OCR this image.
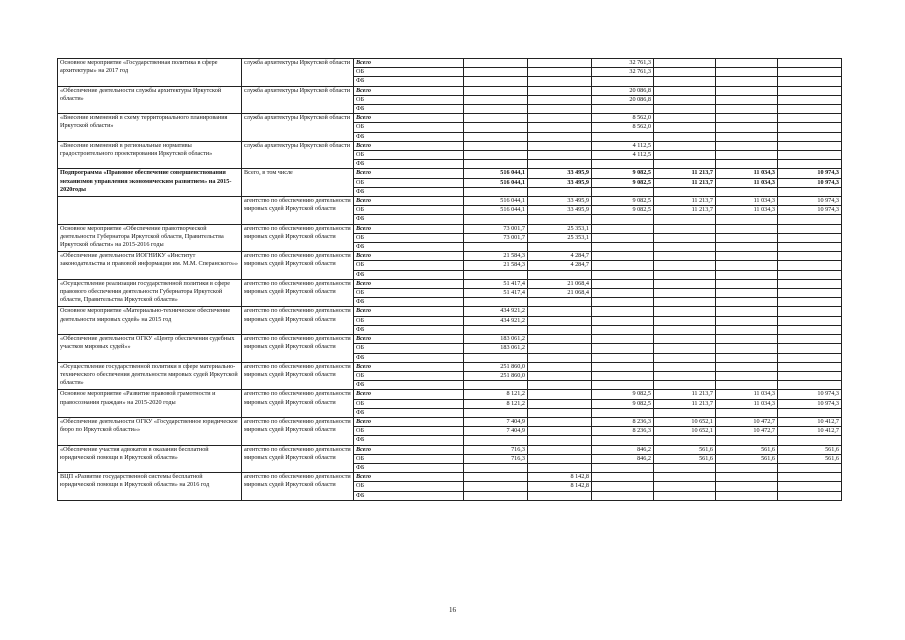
Основное мероприятие «Государственная политика в сфере архитектуры» на 2017 год	служба архитектуры Иркутской области	Всего			32 761,3			
		ОБ			32 761,3			
		ФБ						
«Обеспечение деятельности службы архитектуры Иркутской области»	служба архитектуры Иркутской области	Всего			20 086,8			
		ОБ			20 086,8			
		ФБ						
«Внесение изменений в схему территориального планирования Иркутской области»	служба архитектуры Иркутской области	Всего			8 562,0			
		ОБ			8 562,0			
		ФБ						
«Внесение изменений в региональные нормативы градостроительного проектирования Иркутской области»	служба архитектуры Иркутской области	Всего			4 112,5			
		ОБ			4 112,5			
		ФБ						
Подпрограмма «Правовое обеспечение совершенствования механизмов управления экономическим развитием» на 2015-2020годы	Всего, в том числе	Всего	516 044,1	33 495,9	9 082,5	11 213,7	11 034,3	10 974,3
		ОБ	516 044,1	33 495,9	9 082,5	11 213,7	11 034,3	10 974,3
		ФБ						
	агентство по обеспечению деятельности мировых судей Иркутской области	Всего	516 044,1	33 495,9	9 082,5	11 213,7	11 034,3	10 974,3
		ОБ	516 044,1	33 495,9	9 082,5	11 213,7	11 034,3	10 974,3
		ФБ						
Основное мероприятие «Обеспечение правотворческой деятельности Губернатора Иркутской области, Правительства Иркутской области» на 2015-2016 годы	агентство по обеспечению деятельности мировых судей Иркутской области	Всего	73 001,7	25 353,1				
		ОБ	73 001,7	25 353,1				
		ФБ						
«Обеспечение деятельности ИОГНИКУ «Институт законодательства и правовой информации им. М.М. Сперанского»»	агентство по обеспечению деятельности мировых судей Иркутской области	Всего	21 584,3	4 284,7				
		ОБ	21 584,3	4 284,7				
		ФБ						
«Осуществление реализации государственной политики в сфере правового обеспечения деятельности Губернатора Иркутской области, Правительства Иркутской области»	агентство по обеспечению деятельности мировых судей Иркутской области	Всего	51 417,4	21 068,4				
		ОБ	51 417,4	21 068,4				
		ФБ						
Основное мероприятие «Материально-техническое обеспечение деятельности мировых судей» на 2015 год	агентство по обеспечению деятельности мировых судей Иркутской области	Всего	434 921,2					
		ОБ	434 921,2					
		ФБ						
«Обеспечение деятельности ОГКУ «Центр обеспечения судебных участков мировых судей»»	агентство по обеспечению деятельности мировых судей Иркутской области	Всего	183 061,2					
		ОБ	183 061,2					
		ФБ						
«Осуществление государственной политики в сфере материально-технического обеспечения деятельности мировых судей Иркутской области»	агентство по обеспечению деятельности мировых судей Иркутской области	Всего	251 860,0					
		ОБ	251 860,0					
		ФБ						
Основное мероприятие «Развитие правовой грамотности и правосознания граждан» на 2015-2020 годы	агентство по обеспечению деятельности мировых судей Иркутской области	Всего	8 121,2		9 082,5	11 213,7	11 034,3	10 974,3
		ОБ	8 121,2		9 082,5	11 213,7	11 034,3	10 974,3
		ФБ						
«Обеспечение деятельности ОГКУ «Государственное юридическое бюро по Иркутской области»»	агентство по обеспечению деятельности мировых судей Иркутской области	Всего	7 404,9		8 236,3	10 652,1	10 472,7	10 412,7
		ОБ	7 404,9		8 236,3	10 652,1	10 472,7	10 412,7
		ФБ						
«Обеспечение участия адвокатов в оказании бесплатной юридической помощи в Иркутской области»	агентство по обеспечению деятельности мировых судей Иркутской области	Всего	716,3		846,2	561,6	561,6	561,6
		ОБ	716,3		846,2	561,6	561,6	561,6
		ФБ						
ВЦП «Развитие государственной системы бесплатной юридической помощи в Иркутской области» на 2016 год	агентство по обеспечению деятельности мировых судей Иркутской области	Всего		8 142,8				
		ОБ		8 142,8				
		ФБ						
16
